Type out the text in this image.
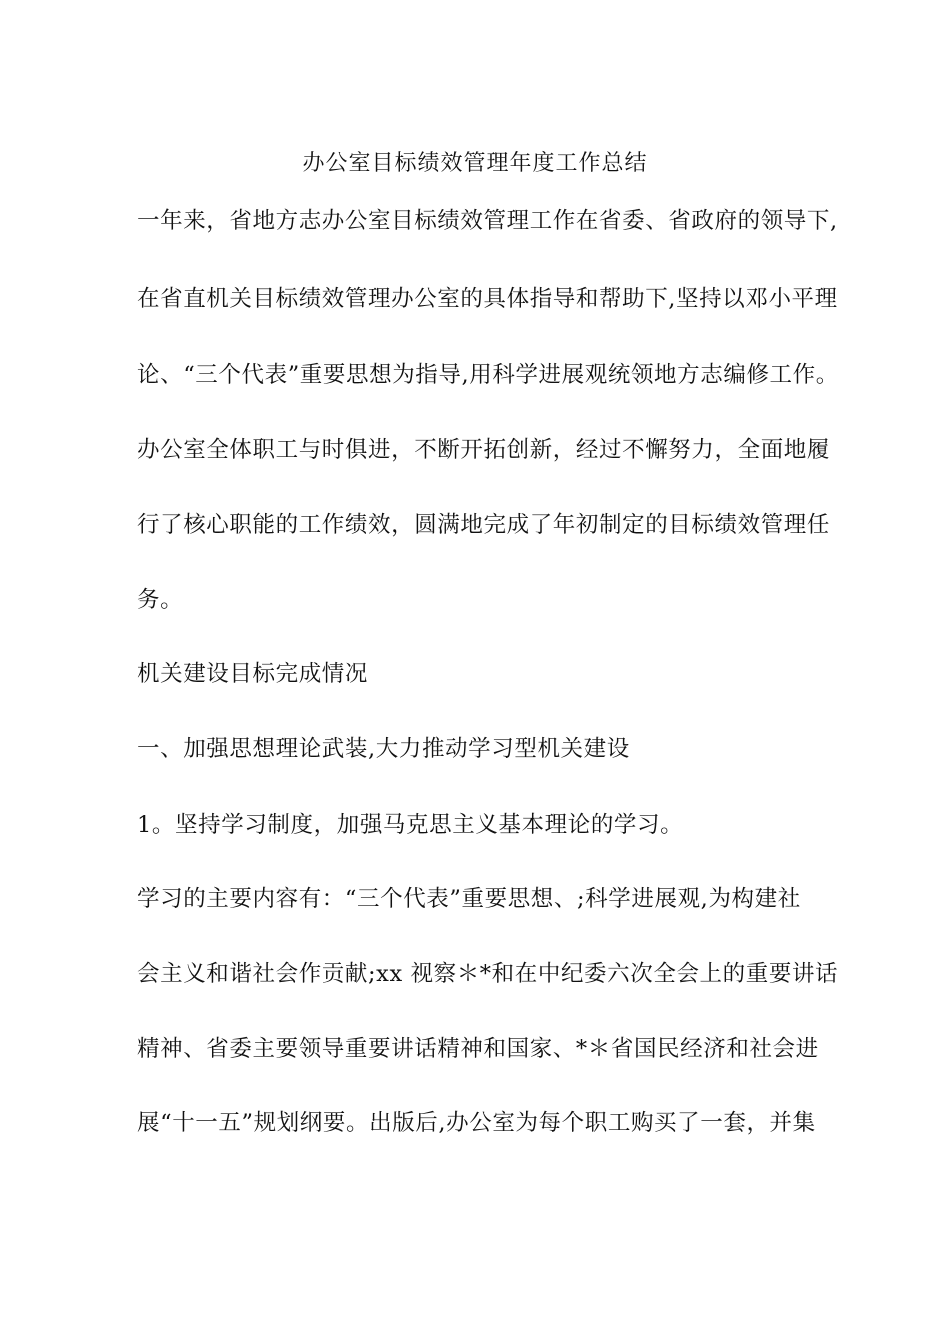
办公室目标绩效管理年度工作总结
一年来，省地方志办公室目标绩效管理工作在省委、省政府的领导下,
在省直机关目标绩效管理办公室的具体指导和帮助下,坚持以邓小平理
论、“三个代表”重要思想为指导,用科学进展观统领地方志编修工作。
办公室全体职工与时俱进，不断开拓创新，经过不懈努力，全面地履
行了核心职能的工作绩效，圆满地完成了年初制定的目标绩效管理任
务。
机关建设目标完成情况
一、加强思想理论武装,大力推动学习型机关建设
1。坚持学习制度，加强马克思主义基本理论的学习。
学习的主要内容有：“三个代表”重要思想、;科学进展观,为构建社
会主义和谐社会作贡献;xx 视察＊*和在中纪委六次全会上的重要讲话
精神、省委主要领导重要讲话精神和国家、*＊省国民经济和社会进
展“十一五”规划纲要。出版后,办公室为每个职工购买了一套，并集
